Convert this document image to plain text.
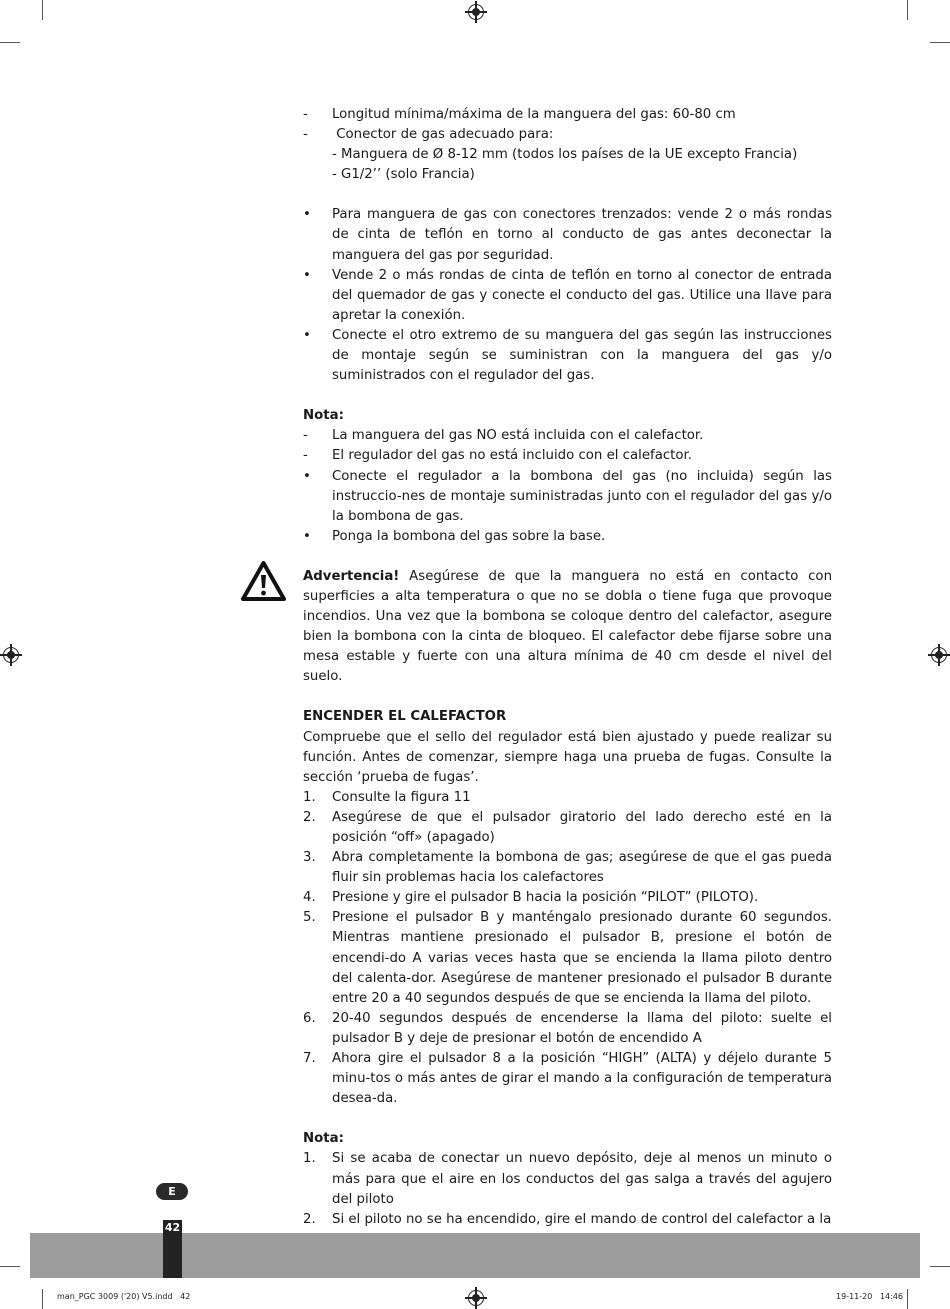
- Longitud mínima/máxima de la manguera del gas: 60-80 cm
- Conector de gas adecuado para:
- Manguera de Ø 8-12 mm (todos los países de la UE excepto Francia)
- G1/2’’ (solo Francia)
• Para manguera de gas con conectores trenzados: vende 2 o más rondas de cinta de teflón en torno al conducto de gas antes deconectar la manguera del gas por seguridad.
• Vende 2 o más rondas de cinta de teflón en torno al conector de entrada del quemador de gas y conecte el conducto del gas. Utilice una llave para apretar la conexión.
• Conecte el otro extremo de su manguera del gas según las instrucciones de montaje según se suministran con la manguera del gas y/o suministrados con el regulador del gas.
Nota:
- La manguera del gas NO está incluida con el calefactor.
- El regulador del gas no está incluido con el calefactor.
• Conecte el regulador a la bombona del gas (no incluida) según las instruccio-nes de montaje suministradas junto con el regulador del gas y/o la bombona de gas.
• Ponga la bombona del gas sobre la base.
Advertencia! Asegúrese de que la manguera no está en contacto con superficies a alta temperatura o que no se dobla o tiene fuga que provoque incendios. Una vez que la bombona se coloque dentro del calefactor, asegure bien la bombona con la cinta de bloqueo. El calefactor debe fijarse sobre una mesa estable y fuerte con una altura mínima de 40 cm desde el nivel del suelo.
ENCENDER EL CALEFACTOR
Compruebe que el sello del regulador está bien ajustado y puede realizar su función. Antes de comenzar, siempre haga una prueba de fugas. Consulte la sección ‘prueba de fugas’.
1. Consulte la figura 11
2. Asegúrese de que el pulsador giratorio del lado derecho esté en la posición “off» (apagado)
3. Abra completamente la bombona de gas; asegúrese de que el gas pueda fluir sin problemas hacia los calefactores
4. Presione y gire el pulsador B hacia la posición “PILOT” (PILOTO).
5. Presione el pulsador B y manténgalo presionado durante 60 segundos. Mientras mantiene presionado el pulsador B, presione el botón de encendi-do A varias veces hasta que se encienda la llama piloto dentro del calenta-dor. Asegúrese de mantener presionado el pulsador B durante entre 20 a 40 segundos después de que se encienda la llama del piloto.
6. 20-40 segundos después de encenderse la llama del piloto: suelte el pulsador B y deje de presionar el botón de encendido A
7. Ahora gire el pulsador 8 a la posición “HIGH” (ALTA) y déjelo durante 5 minu-tos o más antes de girar el mando a la configuración de temperatura desea-da.
Nota:
1. Si se acaba de conectar un nuevo depósito, deje al menos un minuto o más para que el aire en los conductos del gas salga a través del agujero del piloto
2. Si el piloto no se ha encendido, gire el mando de control del calefactor a la
E
42
man_PGC 3009 ('20) V5.indd   42	19-11-20   14:46
